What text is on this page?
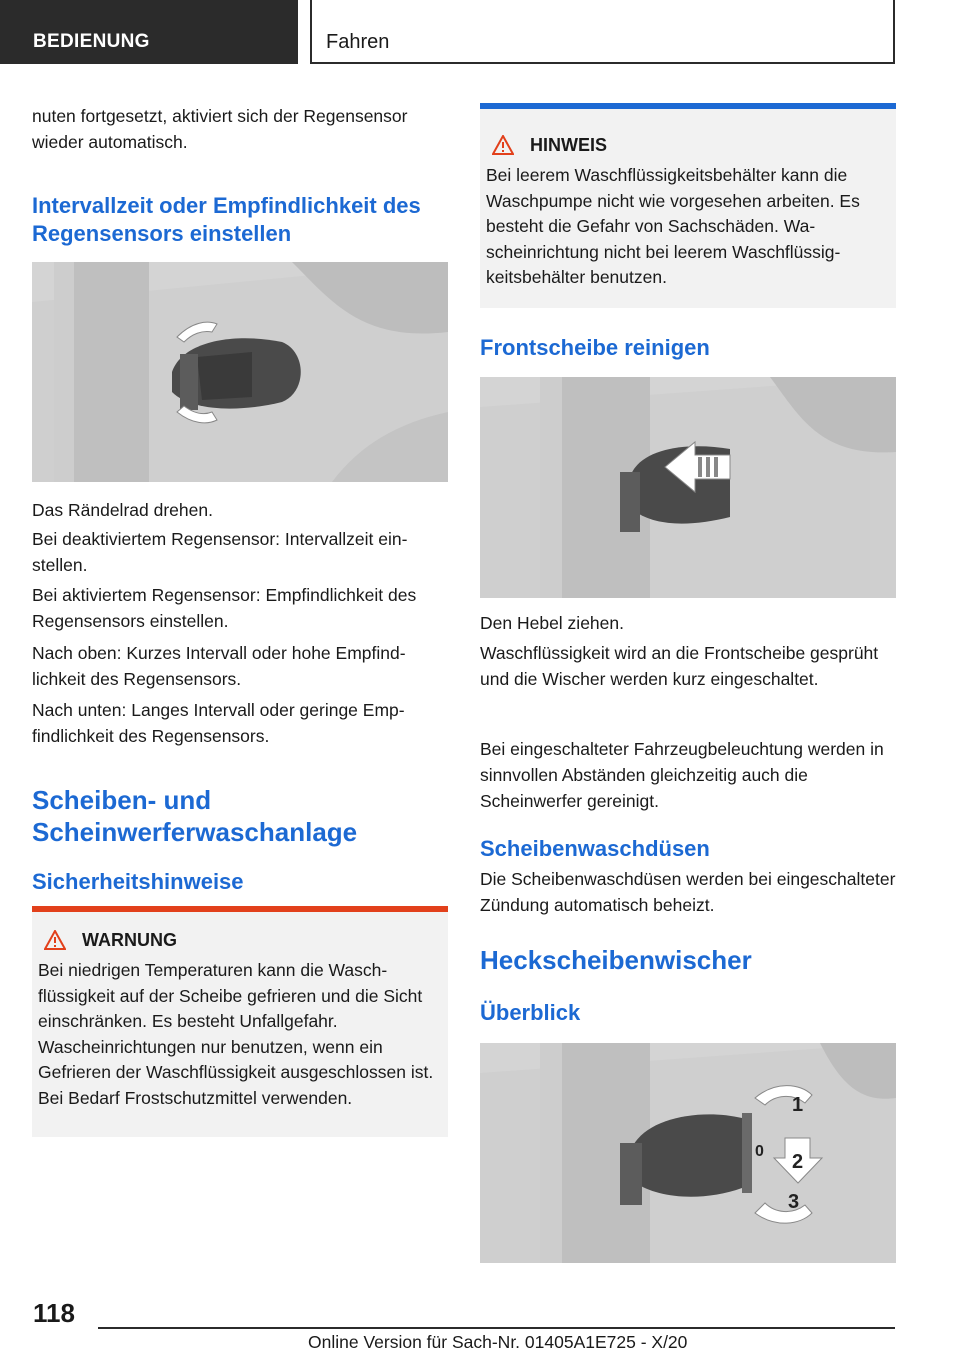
BEDIENUNG	Fahren

nuten fortgesetzt, aktiviert sich der Regensensor wieder automatisch.

Intervallzeit oder Empfindlichkeit des Regensensors einstellen

Das Rändelrad drehen.

Bei deaktiviertem Regensensor: Intervallzeit einstellen.

Bei aktiviertem Regensensor: Empfindlichkeit des Regensensors einstellen.

Nach oben: Kurzes Intervall oder hohe Empfindlichkeit des Regensensors.

Nach unten: Langes Intervall oder geringe Empfindlichkeit des Regensensors.

Scheiben- und Scheinwerferwaschanlage
Sicherheitshinweise
WARNUNG
Bei niedrigen Temperaturen kann die Waschflüssigkeit auf der Scheibe gefrieren und die Sicht einschränken. Es besteht Unfallgefahr. Wascheinrichtungen nur benutzen, wenn ein Gefrieren der Waschflüssigkeit ausgeschlossen ist. Bei Bedarf Frostschutzmittel verwenden.
HINWEIS
Bei leerem Waschflüssigkeitsbehälter kann die Waschpumpe nicht wie vorgesehen arbeiten. Es besteht die Gefahr von Sachschäden. Wascheinrichtung nicht bei leerem Waschflüssigkeitsbehälter benutzen.
Frontscheibe reinigen

Den Hebel ziehen.

Waschflüssigkeit wird an die Frontscheibe gesprüht und die Wischer werden kurz eingeschaltet.

Bei eingeschalteter Fahrzeugbeleuchtung werden in sinnvollen Abständen gleichzeitig auch die Scheinwerfer gereinigt.

Scheibenwaschdüsen

Die Scheibenwaschdüsen werden bei eingeschalteter Zündung automatisch beheizt.

Heckscheibenwischer
Überblick
1
0 2
3
118
Online Version für Sach-Nr. 01405A1E725 - X/20
